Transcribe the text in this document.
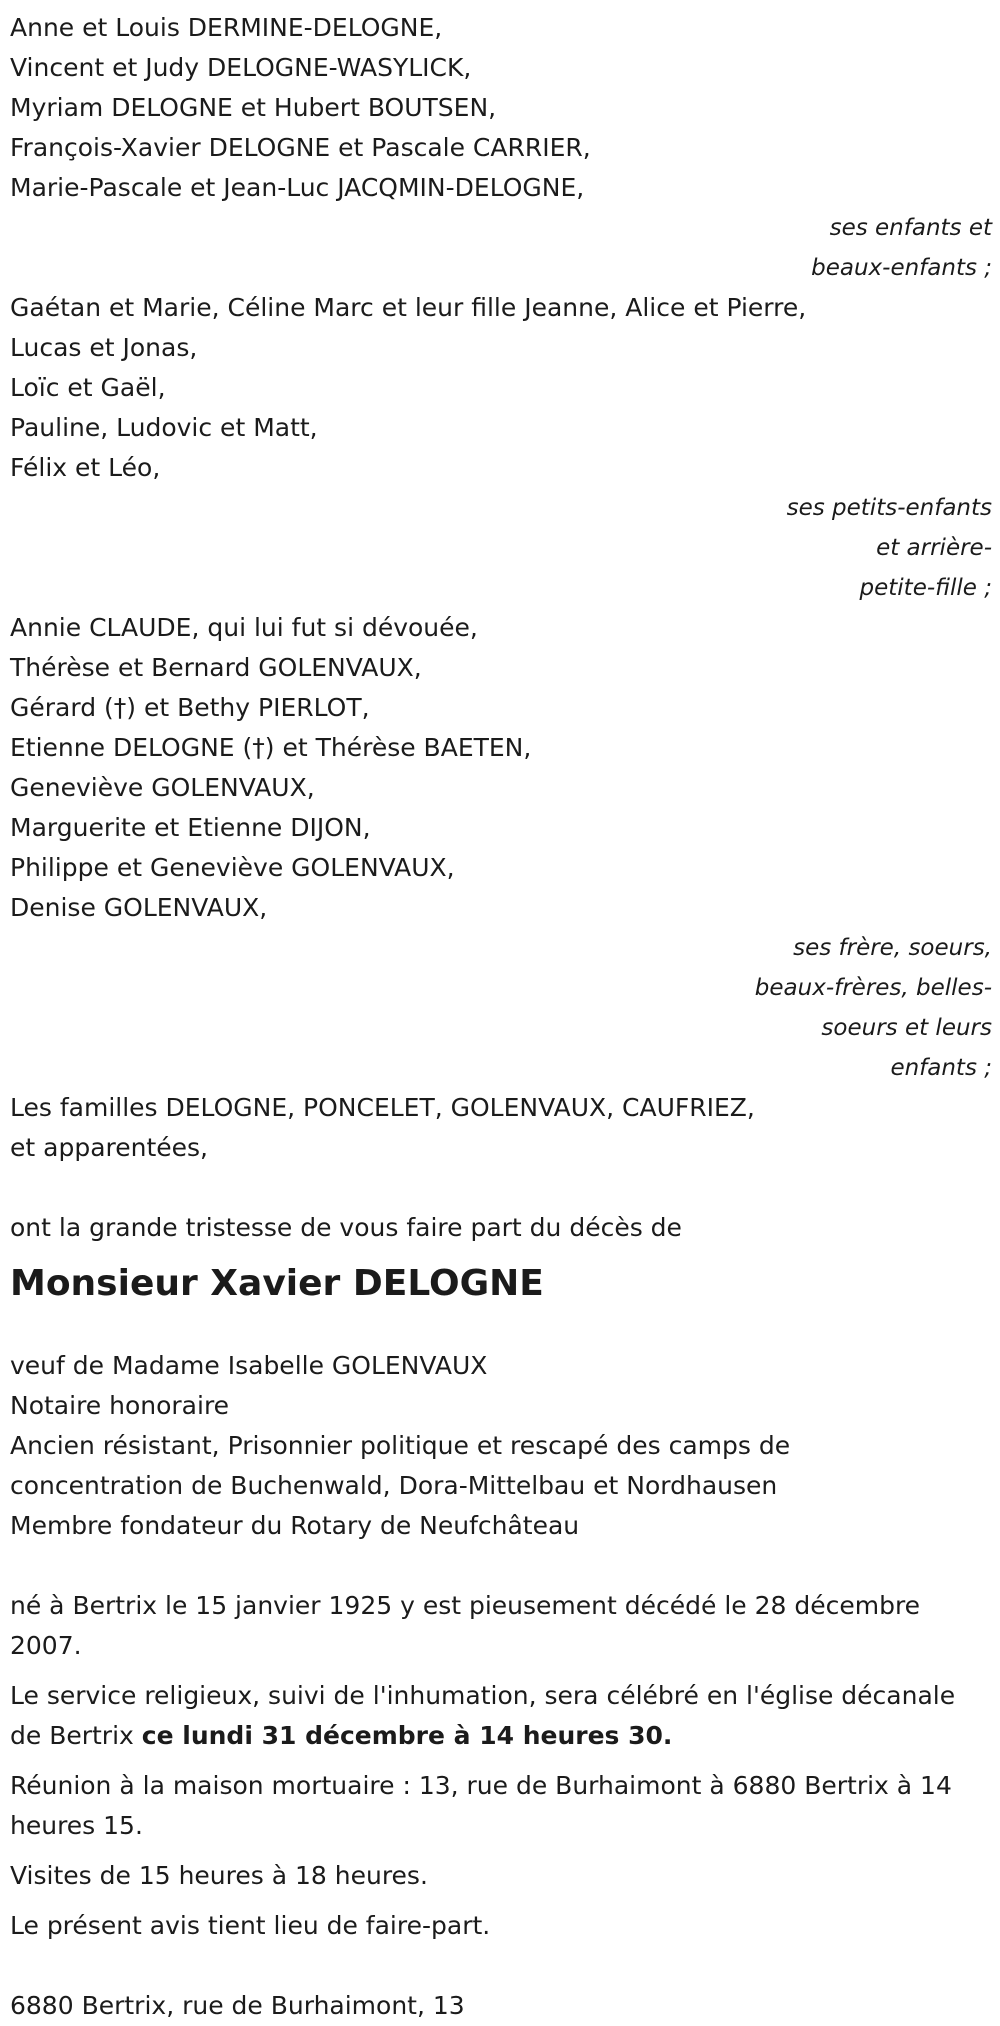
Anne et Louis DERMINE-DELOGNE,
Vincent et Judy DELOGNE-WASYLICK,
Myriam DELOGNE et Hubert BOUTSEN,
François-Xavier DELOGNE et Pascale CARRIER,
Marie-Pascale et Jean-Luc JACQMIN-DELOGNE,
ses enfants et
beaux-enfants ;
Gaétan et Marie, Céline Marc et leur fille Jeanne, Alice et Pierre,
Lucas et Jonas,
Loïc et Gaël,
Pauline, Ludovic et Matt,
Félix et Léo,
ses petits-enfants
et arrière-
petite-fille ;
Annie CLAUDE, qui lui fut si dévouée,
Thérèse et Bernard GOLENVAUX,
Gérard (†) et Bethy PIERLOT,
Etienne DELOGNE (†) et Thérèse BAETEN,
Geneviève GOLENVAUX,
Marguerite et Etienne DIJON,
Philippe et Geneviève GOLENVAUX,
Denise GOLENVAUX,
ses frère, soeurs,
beaux-frères, belles-
soeurs et leurs
enfants ;
Les familles DELOGNE, PONCELET, GOLENVAUX, CAUFRIEZ,
et apparentées,
ont la grande tristesse de vous faire part du décès de
Monsieur Xavier DELOGNE
veuf de Madame Isabelle GOLENVAUX
Notaire honoraire
Ancien résistant, Prisonnier politique et rescapé des camps de
concentration de Buchenwald, Dora-Mittelbau et Nordhausen
Membre fondateur du Rotary de Neufchâteau

né à Bertrix le 15 janvier 1925 y est pieusement décédé le 28 décembre 2007.

Le service religieux, suivi de l'inhumation, sera célébré en l'église décanale de Bertrix ce lundi 31 décembre à 14 heures 30.

Réunion à la maison mortuaire : 13, rue de Burhaimont à 6880 Bertrix à 14 heures 15.

Visites de 15 heures à 18 heures.

Le présent avis tient lieu de faire-part.

6880 Bertrix, rue de Burhaimont, 13
